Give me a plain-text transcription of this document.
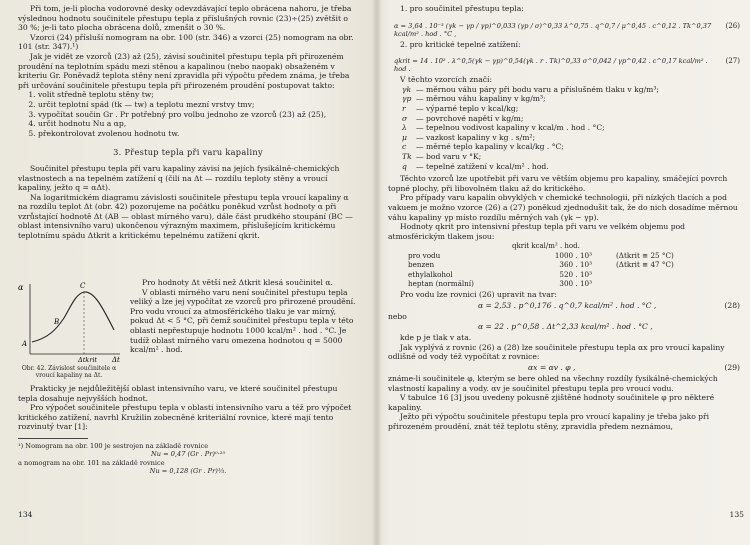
Při tom, je-li plocha vodorovné desky odevzdávající teplo obrácena nahoru, je třeba výslednou hodnotu součinitele přestupu tepla z příslušných rovnic (23)÷(25) zvětšit o 30 %; je-li tato plocha obrácena dolů, zmenšit o 30 %.

Vzorci (24) přísluší nomogram na obr. 100 (str. 346) a vzorci (25) nomogram na obr. 101 (str. 347).¹)

Jak je vidět ze vzorců (23) až (25), závisí součinitel přestupu tepla při přirozeném proudění na teplotním spádu mezi stěnou a kapalinou (nebo naopak) obsaženém v kriteriu Gr. Poněvadž teplota stěny není zpravidla při výpočtu předem známa, je třeba při určování součinitele přestupu tepla při přirozeném proudění postupovat takto:

1. volit středně teplotu stěny tw;
2. určit teplotní spád (tk — tw) a teplotu mezní vrstvy tmv;
3. vypočítat součin Gr . Pr potřebný pro volbu jednoho ze vzorců (23) až (25),
4. určit hodnotu Nu a αp,
5. překontrolovat zvolenou hodnotu tw.

3. Přestup tepla při varu kapaliny

Součinitel přestupu tepla při varu kapaliny závisí na jejích fysikálně-chemických vlastnostech a na tepelném zatížení q (čili na Δt — rozdílu teploty stěny a vroucí kapaliny, ježto q = αΔt).

Na logaritmickém diagramu závislosti součinitele přestupu tepla vroucí kapaliny α na rozdílu teplot Δt (obr. 42) pozorujeme na počátku poněkud vzrůst hodnoty α při vzrůstající hodnotě Δt (AB — oblast mírného varu), dále část prudkého stoupání (BC — oblast intensivního varu) ukončenou výrazným maximem, příslušejícím kritickému teplotnímu spádu Δtkrit a kritickému tepelnému zatížení qkrit.

α
Δt
A
B
C
Δtkrit

Obr. 42. Závislost součinitele α vroucí kapaliny na Δt.

Pro hodnoty Δt větší než Δtkrit klesá součinitel α.

V oblasti mírného varu není součinitel přestupu tepla veliký a lze jej vypočítat ze vzorců pro přirozené proudění. Pro vodu vroucí za atmosférického tlaku je var mírný, pokud Δt < 5 °C, při čemž součinitel přestupu tepla v této oblasti nepřestupuje hodnotu 1000 kcal/m² . hod . °C. Je tudíž oblast mírného varu omezena hodnotou q = 5000 kcal/m² . hod.

Prakticky je nejdůležitější oblast intensivního varu, ve které součinitel přestupu tepla dosahuje nejvyšších hodnot.

Pro výpočet součinitele přestupu tepla v oblasti intensivního varu a též pro výpočet kritického zatížení, navrhl Kružilin zobecněné kriteriální rovnice, které mají tento rozvinutý tvar [1]:

¹) Nomogram na obr. 100 je sestrojen na základě rovnice

Nu = 0,47 (Gr . Pr)⁰·²⁵

a nomogram na obr. 101 na základě rovnice

Nu = 0,128 (Gr . Pr)⅓.

134

1. pro součinitel přestupu tepla:

α = 3,64 . 10⁻³ (γk − γp / γp)^0,033 (γp / σ)^0,33 λ^0,75 . q^0,7 / μ^0,45 . c^0,12 . Tk^0,37 kcal/m² . hod . °C ,

(26)

2. pro kritické tepelné zatížení:

qkrit = 14 . 10² . λ^0,5(γk − γp)^0,54(γk . r . Tk)^0,33 σ^0,042 / γp^0,42 . c^0,17 kcal/m² . hod .

(27)

V těchto vzorcích značí:

γk — měrnou váhu páry při bodu varu a příslušném tlaku v kg/m³;
γp — měrnou váhu kapaliny v kg/m³;
r — výparné teplo v kcal/kg;
σ — povrchové napětí v kg/m;
λ — tepelnou vodivost kapaliny v kcal/m . hod . °C;
μ — vazkost kapaliny v kg . s/m²;
c — měrné teplo kapaliny v kcal/kg . °C;
Tk — bod varu v °K;
q — tepelné zatížení v kcal/m² . hod.

Těchto vzorců lze upotřebit při varu ve větším objemu pro kapaliny, smáčející povrch topné plochy, při libovolném tlaku až do kritického.

Pro případy varu kapalin obvyklých v chemické technologii, při nízkých tlacích a pod vakuem je možno vzorce (26) a (27) poněkud zjednodušit tak, že do nich dosadíme měrnou váhu kapaliny γp místo rozdílu měrných vah (γk − γp).

Hodnoty qkrit pro intensivní přestup tepla při varu ve velkém objemu pod atmosférickým tlakem jsou:

	qkrit kcal/m² . hod.	
pro vodu	1000 . 10³	(Δtkrit ≅ 25 °C)
benzen	360 . 10³	(Δtkrit ≅ 47 °C)
ethylalkohol	520 . 10³	
heptan (normální)	300 . 10³	

Pro vodu lze rovnici (26) upravit na tvar:

α = 2,53 . p^0,176 . q^0,7 kcal/m² . hod . °C ,	(28)

nebo

α = 22 . p^0,58 . Δt^2,33 kcal/m² . hod . °C ,

kde p je tlak v ata.

Jak vyplývá z rovnic (26) a (28) lze součinitele přestupu tepla αx pro vroucí kapaliny odlišné od vody též vypočítat z rovnice:

αx = αv . φ ,	(29)

známe-li součinitele φ, kterým se bere ohled na všechny rozdíly fysikálně-chemických vlastností kapaliny a vody. αv je součinitel přestupu tepla pro vroucí vodu.

V tabulce 16 [3] jsou uvedeny pokusně zjištěné hodnoty součinitele φ pro některé kapaliny.

Ježto při výpočtu součinitele přestupu tepla pro vroucí kapaliny je třeba jako při přirozeném proudění, znát též teplotu stěny, zpravidla předem neznámou,

135
